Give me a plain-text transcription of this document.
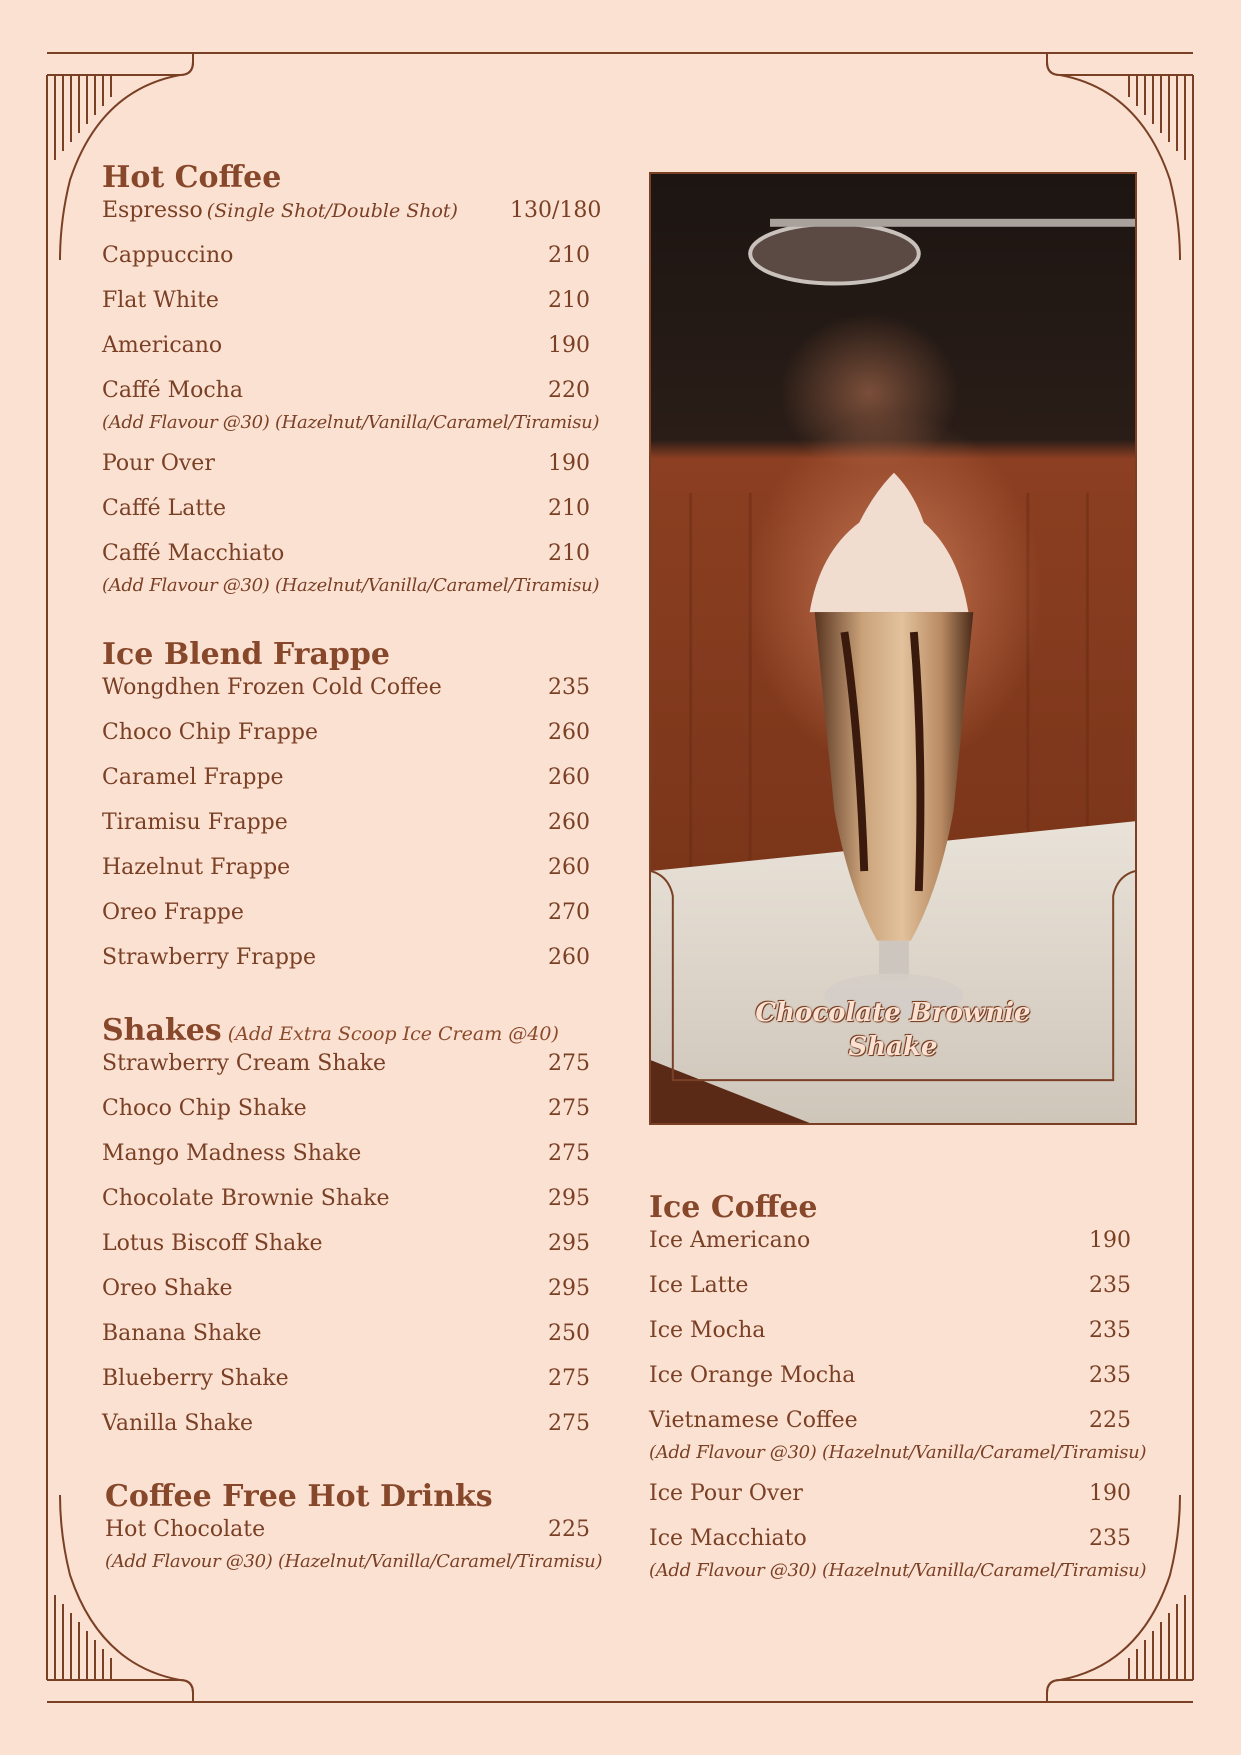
Hot Coffee
Espresso (Single Shot/Double Shot) 130/180
Cappuccino	210
Flat White	210
Americano	190
Caffé Mocha	220
(Add Flavour @30) (Hazelnut/Vanilla/Caramel/Tiramisu)
Pour Over	190
Caffé Latte	210
Caffé Macchiato	210
(Add Flavour @30) (Hazelnut/Vanilla/Caramel/Tiramisu)
Ice Blend Frappe
Wongdhen Frozen Cold Coffee	235
Choco Chip Frappe	260
Caramel Frappe	260
Tiramisu Frappe	260
Hazelnut Frappe	260
Oreo Frappe	270
Strawberry Frappe	260
Shakes (Add Extra Scoop Ice Cream @40)
Strawberry Cream Shake	275
Choco Chip Shake	275
Mango Madness Shake	275
Chocolate Brownie Shake	295
Lotus Biscoff Shake	295
Oreo Shake	295
Banana Shake	250
Blueberry Shake	275
Vanilla Shake	275
Coffee Free Hot Drinks
Hot Chocolate	225
(Add Flavour @30) (Hazelnut/Vanilla/Caramel/Tiramisu)
Chocolate Brownie Shake
Ice Coffee
Ice Americano	190
Ice Latte	235
Ice Mocha	235
Ice Orange Mocha	235
Vietnamese Coffee	225
(Add Flavour @30) (Hazelnut/Vanilla/Caramel/Tiramisu)
Ice Pour Over	190
Ice Macchiato	235
(Add Flavour @30) (Hazelnut/Vanilla/Caramel/Tiramisu)
